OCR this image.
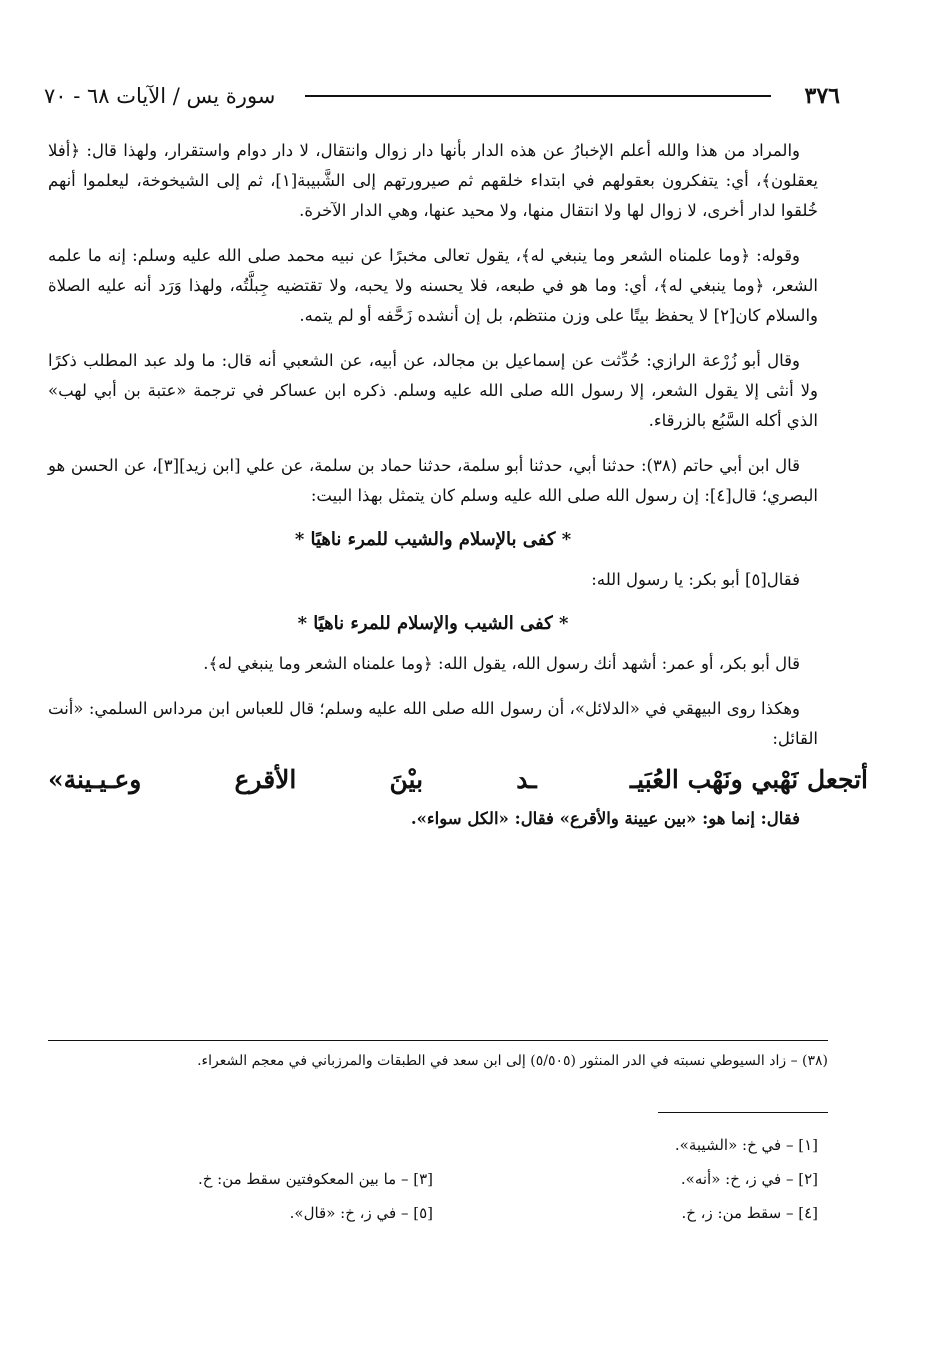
٣٧٦
سورة يس / الآيات ٦٨ - ٧٠

والمراد من هذا والله أعلم الإخبارُ عن هذه الدار بأنها دار زوال وانتقال، لا دار دوام واستقرار، ولهذا قال: ﴿أفلا يعقلون﴾، أي: يتفكرون بعقولهم في ابتداء خلقهم ثم صيرورتهم إلى الشَّبيبة[١]، ثم إلى الشيخوخة، ليعلموا أنهم خُلقوا لدار أخرى، لا زوال لها ولا انتقال منها، ولا محيد عنها، وهي الدار الآخرة.

وقوله: ﴿وما علمناه الشعر وما ينبغي له﴾، يقول تعالى مخبرًا عن نبيه محمد صلى الله عليه وسلم: إنه ما علمه الشعر، ﴿وما ينبغي له﴾، أي: وما هو في طبعه، فلا يحسنه ولا يحبه، ولا تقتضيه جِبلَّتُه، ولهذا وَرَد أنه عليه الصلاة والسلام كان[٢] لا يحفظ بيتًا على وزن منتظم، بل إن أنشده زَحَّفه أو لم يتمه.

وقال أبو زُرْعة الرازي: حُدِّثت عن إسماعيل بن مجالد، عن أبيه، عن الشعبي أنه قال: ما ولد عبد المطلب ذكرًا ولا أنثى إلا يقول الشعر، إلا رسول الله صلى الله عليه وسلم. ذكره ابن عساكر في ترجمة «عتبة بن أبي لهب» الذي أكله السَّبُع بالزرقاء.

قال ابن أبي حاتم (٣٨): حدثنا أبي، حدثنا أبو سلمة، حدثنا حماد بن سلمة، عن علي [ابن زيد][٣]، عن الحسن هو البصري؛ قال[٤]: إن رسول الله صلى الله عليه وسلم كان يتمثل بهذا البيت:

* كفى بالإسلام والشيب للمرء ناهيًا *

فقال[٥] أبو بكر: يا رسول الله:

* كفى الشيب والإسلام للمرء ناهيًا *

قال أبو بكر، أو عمر: أشهد أنك رسول الله، يقول الله: ﴿وما علمناه الشعر وما ينبغي له﴾.

وهكذا روى البيهقي في «الدلائل»، أن رسول الله صلى الله عليه وسلم؛ قال للعباس ابن مرداس السلمي: «أنت القائل:

أتجعل نَهْبي ونَهْب العُبَيـ
ـد
بيْنَ
الأقرع
وعـيـينة»

فقال: إنما هو: «بين عيينة والأقرع» فقال: «الكل سواء».

(٣٨) – زاد السيوطي نسبته في الدر المنثور (٥/٥٠٥) إلى ابن سعد في الطبقات والمرزباني في معجم الشعراء.
[١] – في خ: «الشيبة».
[٢] – في ز، خ: «أنه».
[٣] – ما بين المعكوفتين سقط من: خ.
[٤] – سقط من: ز، خ.
[٥] – في ز، خ: «قال».
